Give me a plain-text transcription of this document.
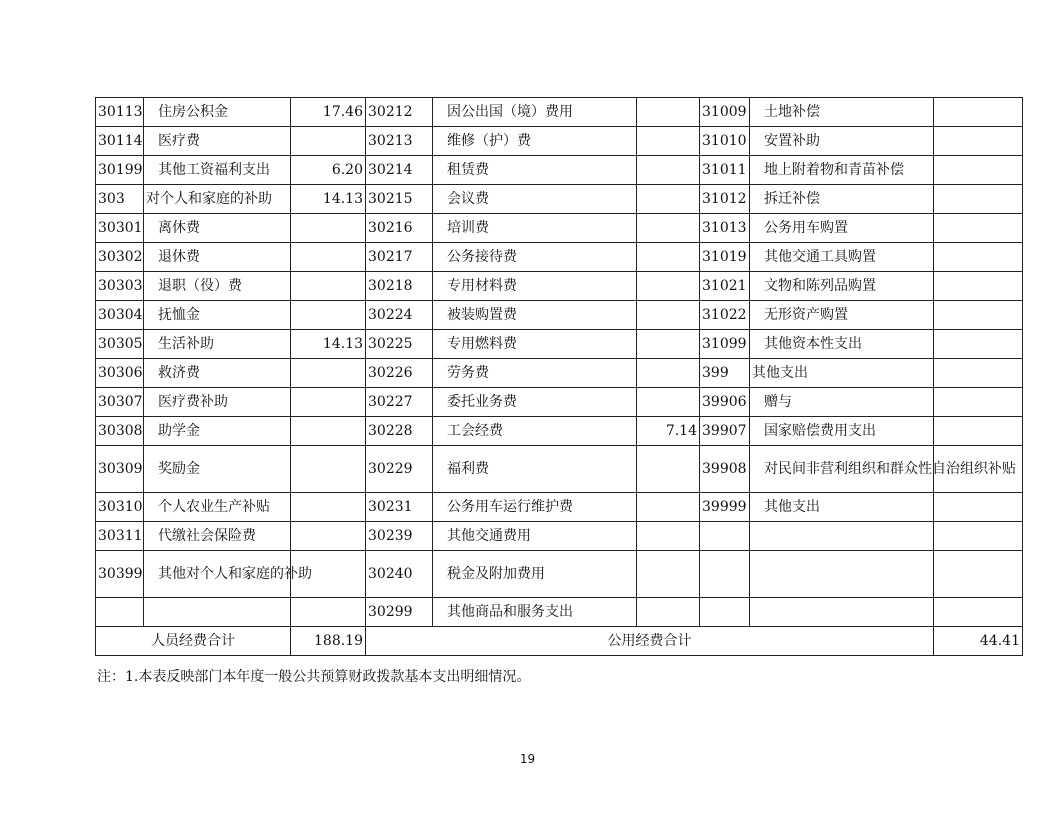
30113	住房公积金	17.46	30212	因公出国（境）费用		31009	土地补偿	
30114	医疗费		30213	维修（护）费		31010	安置补助	
30199	其他工资福利支出	6.20	30214	租赁费		31011	地上附着物和青苗补偿	
303	对个人和家庭的补助	14.13	30215	会议费		31012	拆迁补偿	
30301	离休费		30216	培训费		31013	公务用车购置	
30302	退休费		30217	公务接待费		31019	其他交通工具购置	
30303	退职（役）费		30218	专用材料费		31021	文物和陈列品购置	
30304	抚恤金		30224	被装购置费		31022	无形资产购置	
30305	生活补助	14.13	30225	专用燃料费		31099	其他资本性支出	
30306	救济费		30226	劳务费		399	其他支出	
30307	医疗费补助		30227	委托业务费		39906	赠与	
30308	助学金		30228	工会经费	7.14	39907	国家赔偿费用支出	
30309	奖励金		30229	福利费		39908	对民间非营利组织和群众性自治组织补贴	
30310	个人农业生产补贴		30231	公务用车运行维护费		39999	其他支出	
30311	代缴社会保险费		30239	其他交通费用				
30399	其他对个人和家庭的补助		30240	税金及附加费用				
			30299	其他商品和服务支出				
人员经费合计		188.19	公用经费合计					44.41
注：1.本表反映部门本年度一般公共预算财政拨款基本支出明细情况。
19
